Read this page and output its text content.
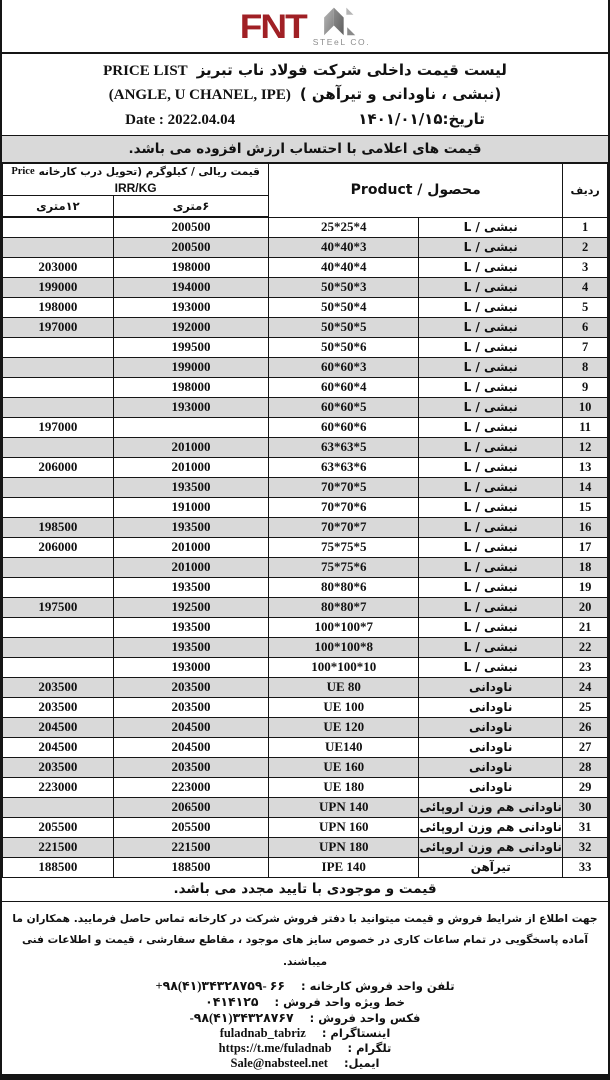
FNT STEeL CO.
لیست قیمت داخلی شرکت فولاد ناب تبریز
PRICE LIST
(نبشی ، ناودانی و تیرآهن )
(ANGLE, U CHANEL, IPE)
تاریخ:۱۴۰۱/۰۱/۱۵
Date : 2022.04.04
قیمت های اعلامی با احتساب ارزش افزوده می باشد.
ردیف	محصول / Product		قیمت ریالی / کیلوگرم (تحویل درب کارخانه
Price
IRR/KG	

			۶متری	۱۲متری
1	نبشی / L	25*25*4	200500	
2	نبشی / L	40*40*3	200500	
3	نبشی / L	40*40*4	198000	203000
4	نبشی / L	50*50*3	194000	199000
5	نبشی / L	50*50*4	193000	198000
6	نبشی / L	50*50*5	192000	197000
7	نبشی / L	50*50*6	199500	
8	نبشی / L	60*60*3	199000	
9	نبشی / L	60*60*4	198000	
10	نبشی / L	60*60*5	193000	
11	نبشی / L	60*60*6		197000
12	نبشی / L	63*63*5	201000	
13	نبشی / L	63*63*6	201000	206000
14	نبشی / L	70*70*5	193500	
15	نبشی / L	70*70*6	191000	
16	نبشی / L	70*70*7	193500	198500
17	نبشی / L	75*75*5	201000	206000
18	نبشی / L	75*75*6	201000	
19	نبشی / L	80*80*6	193500	
20	نبشی / L	80*80*7	192500	197500
21	نبشی / L	100*100*7	193500	
22	نبشی / L	100*100*8	193500	
23	نبشی / L	100*100*10	193000	
24	ناودانی	UE 80	203500	203500
25	ناودانی	UE 100	203500	203500
26	ناودانی	UE 120	204500	204500
27	ناودانی	UE140	204500	204500
28	ناودانی	UE 160	203500	203500
29	ناودانی	UE 180	223000	223000
30	ناودانی هم وزن اروپائی	UPN 140	206500	
31	ناودانی هم وزن اروپائی	UPN 160	205500	205500
32	ناودانی هم وزن اروپائی	UPN 180	221500	221500
33	تیرآهن	IPE 140	188500	188500
قیمت و موجودی با تایید مجدد می باشد.
جهت اطلاع از شرایط فروش و قیمت میتوانید با دفتر فروش شرکت در کارخانه تماس حاصل فرمایید. همکاران ما آماده پاسخگویی در تمام ساعات کاری در خصوص سایز های موجود ، مقاطع سفارشی ، قیمت و اطلاعات فنی میباشند.
تلفن واحد فروش کارخانه :
+۹۸(۴۱)۳۴۳۲۸۷۵۹- ۶۶
خط ویژه واحد فروش :
۰۴۱۴۱۲۵
فکس واحد فروش :
-۹۸(۴۱)۳۴۳۲۸۷۶۷
اینستاگرام :
fuladnab_tabriz
تلگرام :
https://t.me/fuladnab
ایمیل:
Sale@nabsteel.net
